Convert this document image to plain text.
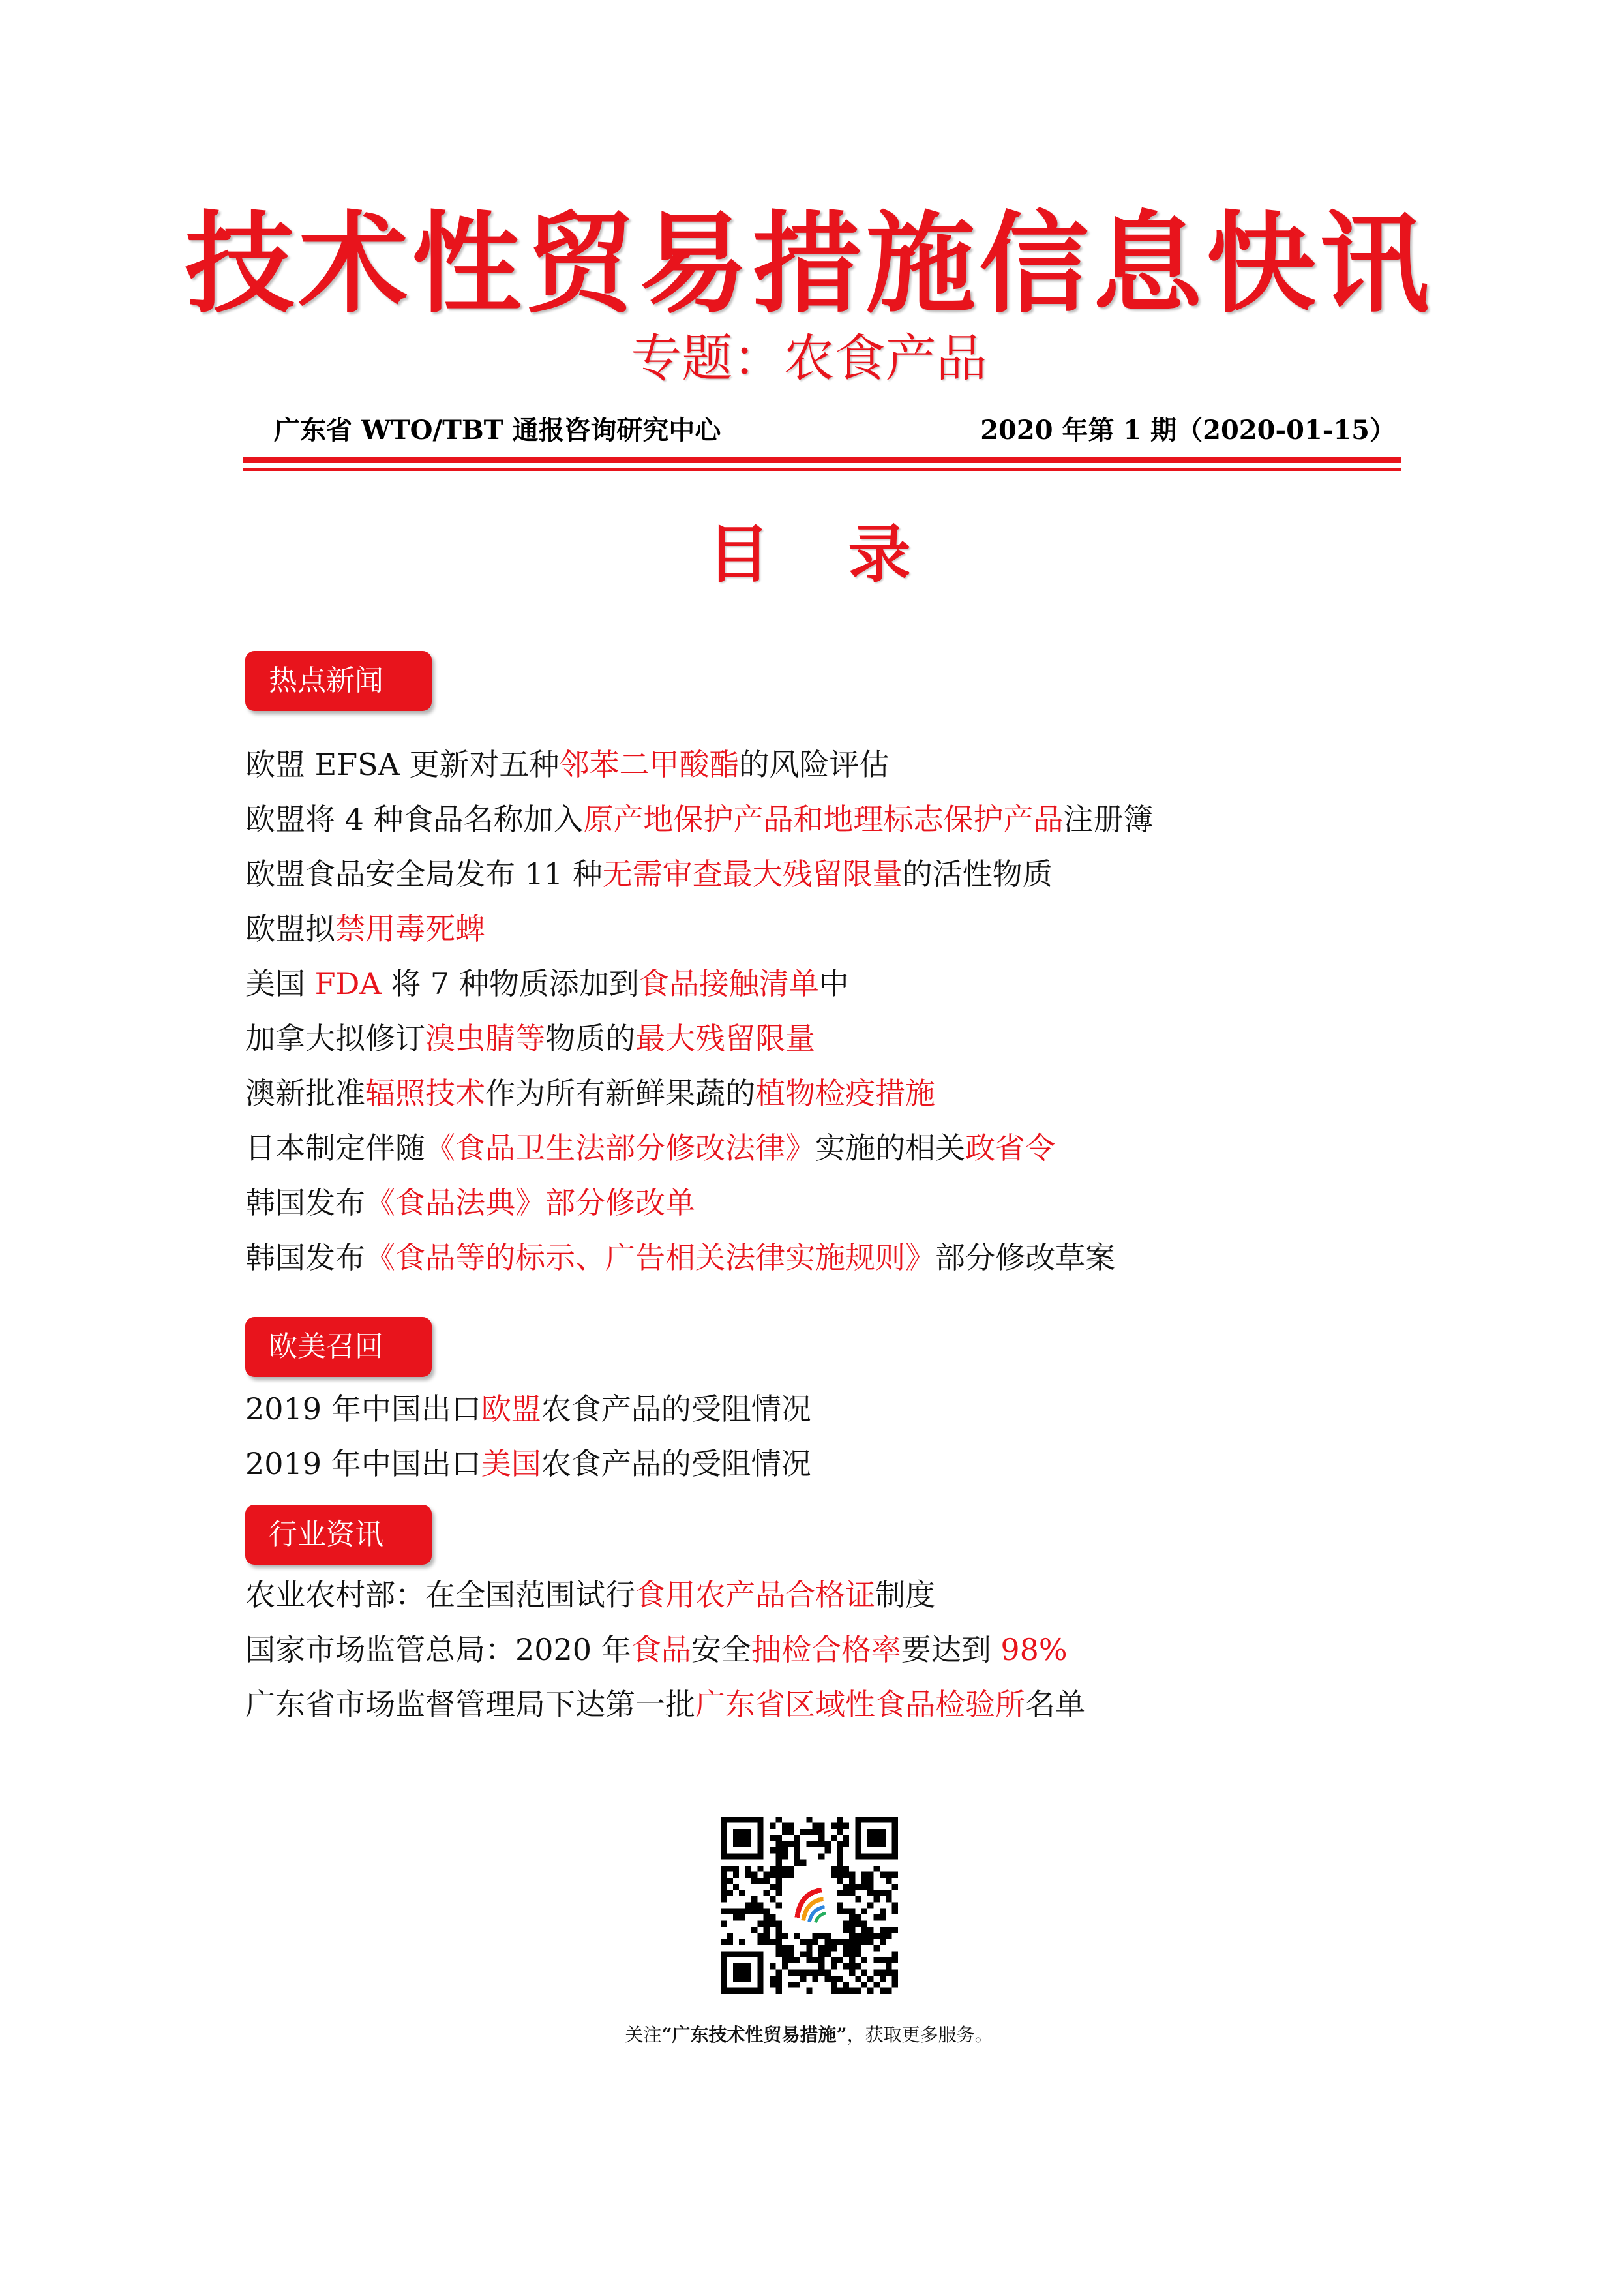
技术性贸易措施信息快讯
专题：农食产品
广东省 WTO/TBT 通报咨询研究中心	2020 年第 1 期（2020-01-15）
目录
热点新闻
欧盟 EFSA 更新对五种邻苯二甲酸酯的风险评估
欧盟将 4 种食品名称加入原产地保护产品和地理标志保护产品注册簿
欧盟食品安全局发布 11 种无需审查最大残留限量的活性物质
欧盟拟禁用毒死蜱
美国 FDA 将 7 种物质添加到食品接触清单中
加拿大拟修订溴虫腈等物质的最大残留限量
澳新批准辐照技术作为所有新鲜果蔬的植物检疫措施
日本制定伴随《食品卫生法部分修改法律》实施的相关政省令
韩国发布《食品法典》部分修改单
韩国发布《食品等的标示、广告相关法律实施规则》部分修改草案
欧美召回
2019 年中国出口欧盟农食产品的受阻情况
2019 年中国出口美国农食产品的受阻情况
行业资讯
农业农村部：在全国范围试行食用农产品合格证制度
国家市场监管总局：2020 年食品安全抽检合格率要达到 98%
广东省市场监督管理局下达第一批广东省区域性食品检验所名单
关注“广东技术性贸易措施”，获取更多服务。
